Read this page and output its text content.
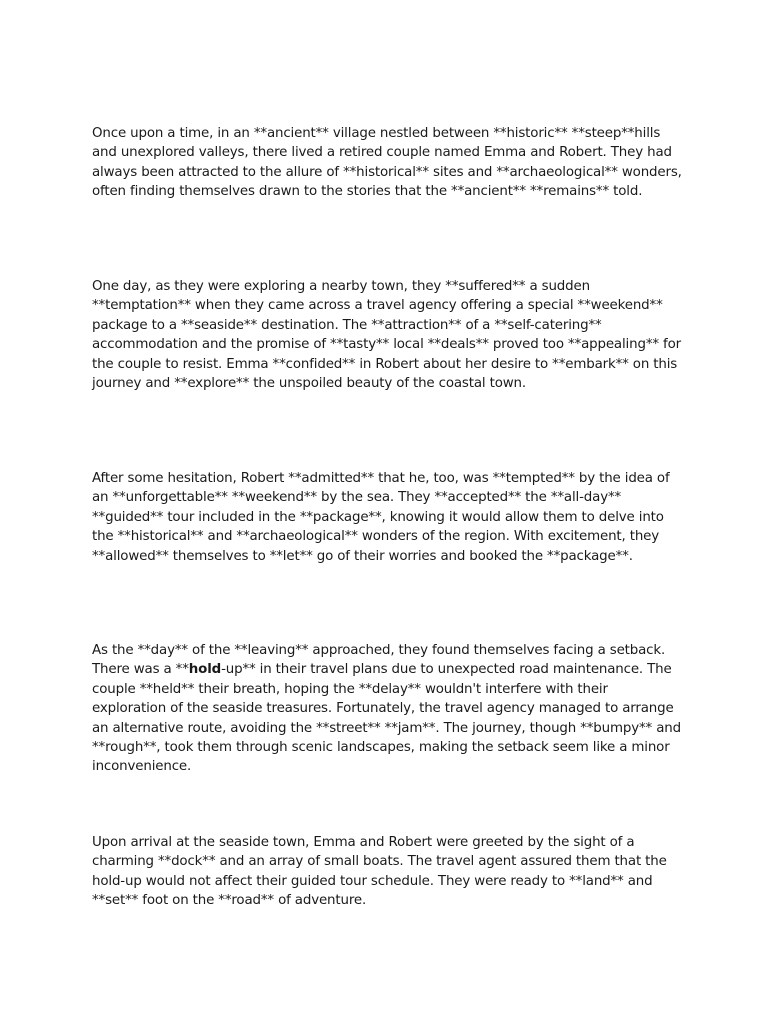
Once upon a time, in an **ancient** village nestled between **historic** **steep**hills and unexplored valleys, there lived a retired couple named Emma and Robert. They had always been attracted to the allure of **historical** sites and **archaeological** wonders, often finding themselves drawn to the stories that the **ancient** **remains** told.

One day, as they were exploring a nearby town, they **suffered** a sudden **temptation** when they came across a travel agency offering a special **weekend** package to a **seaside** destination. The **attraction** of a **self-catering** accommodation and the promise of **tasty** local **deals** proved too **appealing** for the couple to resist. Emma **confided** in Robert about her desire to **embark** on this journey and **explore** the unspoiled beauty of the coastal town.

After some hesitation, Robert **admitted** that he, too, was **tempted** by the idea of an **unforgettable** **weekend** by the sea. They **accepted** the **all-day** **guided** tour included in the **package**, knowing it would allow them to delve into the **historical** and **archaeological** wonders of the region. With excitement, they **allowed** themselves to **let** go of their worries and booked the **package**.

As the **day** of the **leaving** approached, they found themselves facing a setback. There was a **hold-up** in their travel plans due to unexpected road maintenance. The couple **held** their breath, hoping the **delay** wouldn't interfere with their exploration of the seaside treasures. Fortunately, the travel agency managed to arrange an alternative route, avoiding the **street** **jam**. The journey, though **bumpy** and **rough**, took them through scenic landscapes, making the setback seem like a minor inconvenience.

Upon arrival at the seaside town, Emma and Robert were greeted by the sight of a charming **dock** and an array of small boats. The travel agent assured them that the hold-up would not affect their guided tour schedule. They were ready to **land** and **set** foot on the **road** of adventure.
